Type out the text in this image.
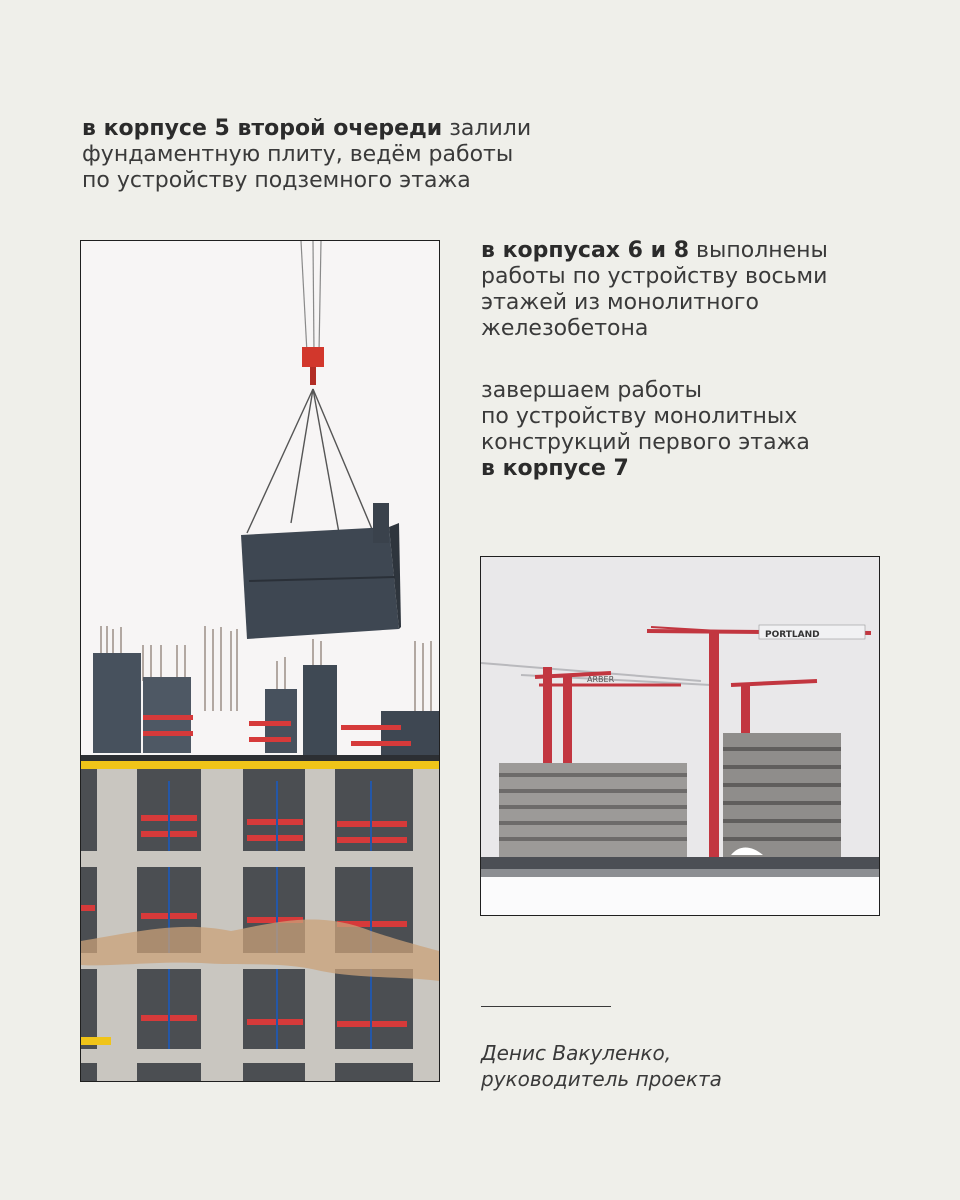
в корпусе 5 второй очереди залили
фундаментную плиту, ведём работы
по устройству подземного этажа

в корпусах 6 и 8 выполнены
работы по устройству восьми
этажей из монолитного
железобетона

завершаем работы
по устройству монолитных
конструкций первого этажа
в корпусе 7

ARBER
PORTLAND
Денис Вакуленко,
руководитель проекта
